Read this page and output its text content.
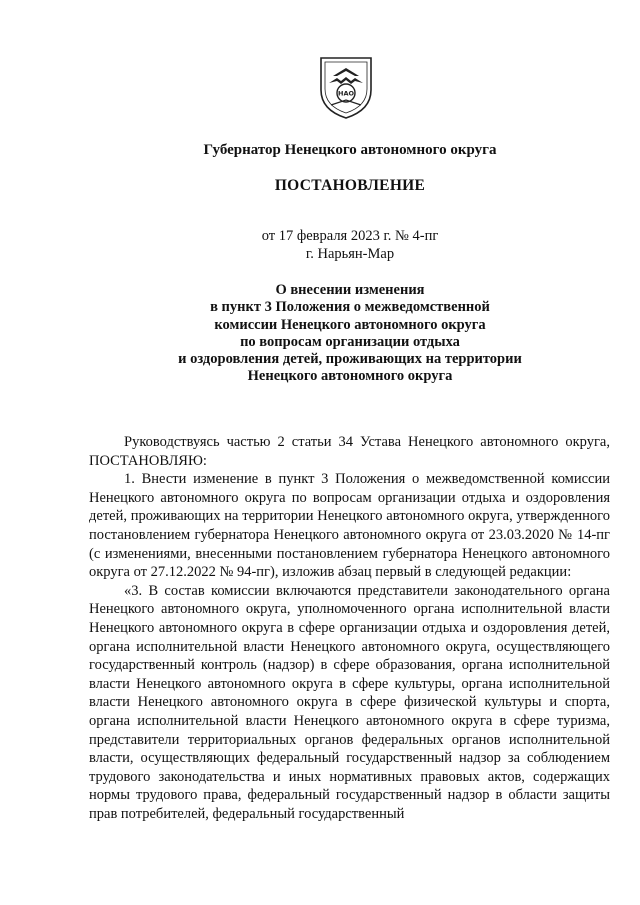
НАО
Губернатор Ненецкого автономного округа
ПОСТАНОВЛЕНИЕ
от 17 февраля 2023 г. № 4-пг
г. Нарьян-Мар
О внесении изменения
в пункт 3 Положения о межведомственной
комиссии Ненецкого автономного округа
по вопросам организации отдыха
и оздоровления детей, проживающих на территории
Ненецкого автономного округа

Руководствуясь частью 2 статьи 34 Устава Ненецкого автономного округа, ПОСТАНОВЛЯЮ:

1. Внести изменение в пункт 3 Положения о межведомственной комиссии Ненецкого автономного округа по вопросам организации отдыха и оздоровления детей, проживающих на территории Ненецкого автономного округа, утвержденного постановлением губернатора Ненецкого автономного округа от 23.03.2020 № 14-пг (с изменениями, внесенными постановлением губернатора Ненецкого автономного округа от 27.12.2022 № 94-пг), изложив абзац первый в следующей редакции:

«3. В состав комиссии включаются представители законодательного органа Ненецкого автономного округа, уполномоченного органа исполнительной власти Ненецкого автономного округа в сфере организации отдыха и оздоровления детей, органа исполнительной власти Ненецкого автономного округа, осуществляющего государственный контроль (надзор) в сфере образования, органа исполнительной власти Ненецкого автономного округа в сфере культуры, органа исполнительной власти Ненецкого автономного округа в сфере физической культуры и спорта, органа исполнительной власти Ненецкого автономного округа в сфере туризма, представители территориальных органов федеральных органов исполнительной власти, осуществляющих федеральный государственный надзор за соблюдением трудового законодательства и иных нормативных правовых актов, содержащих нормы трудового права, федеральный государственный надзор в области защиты прав потребителей, федеральный государственный
